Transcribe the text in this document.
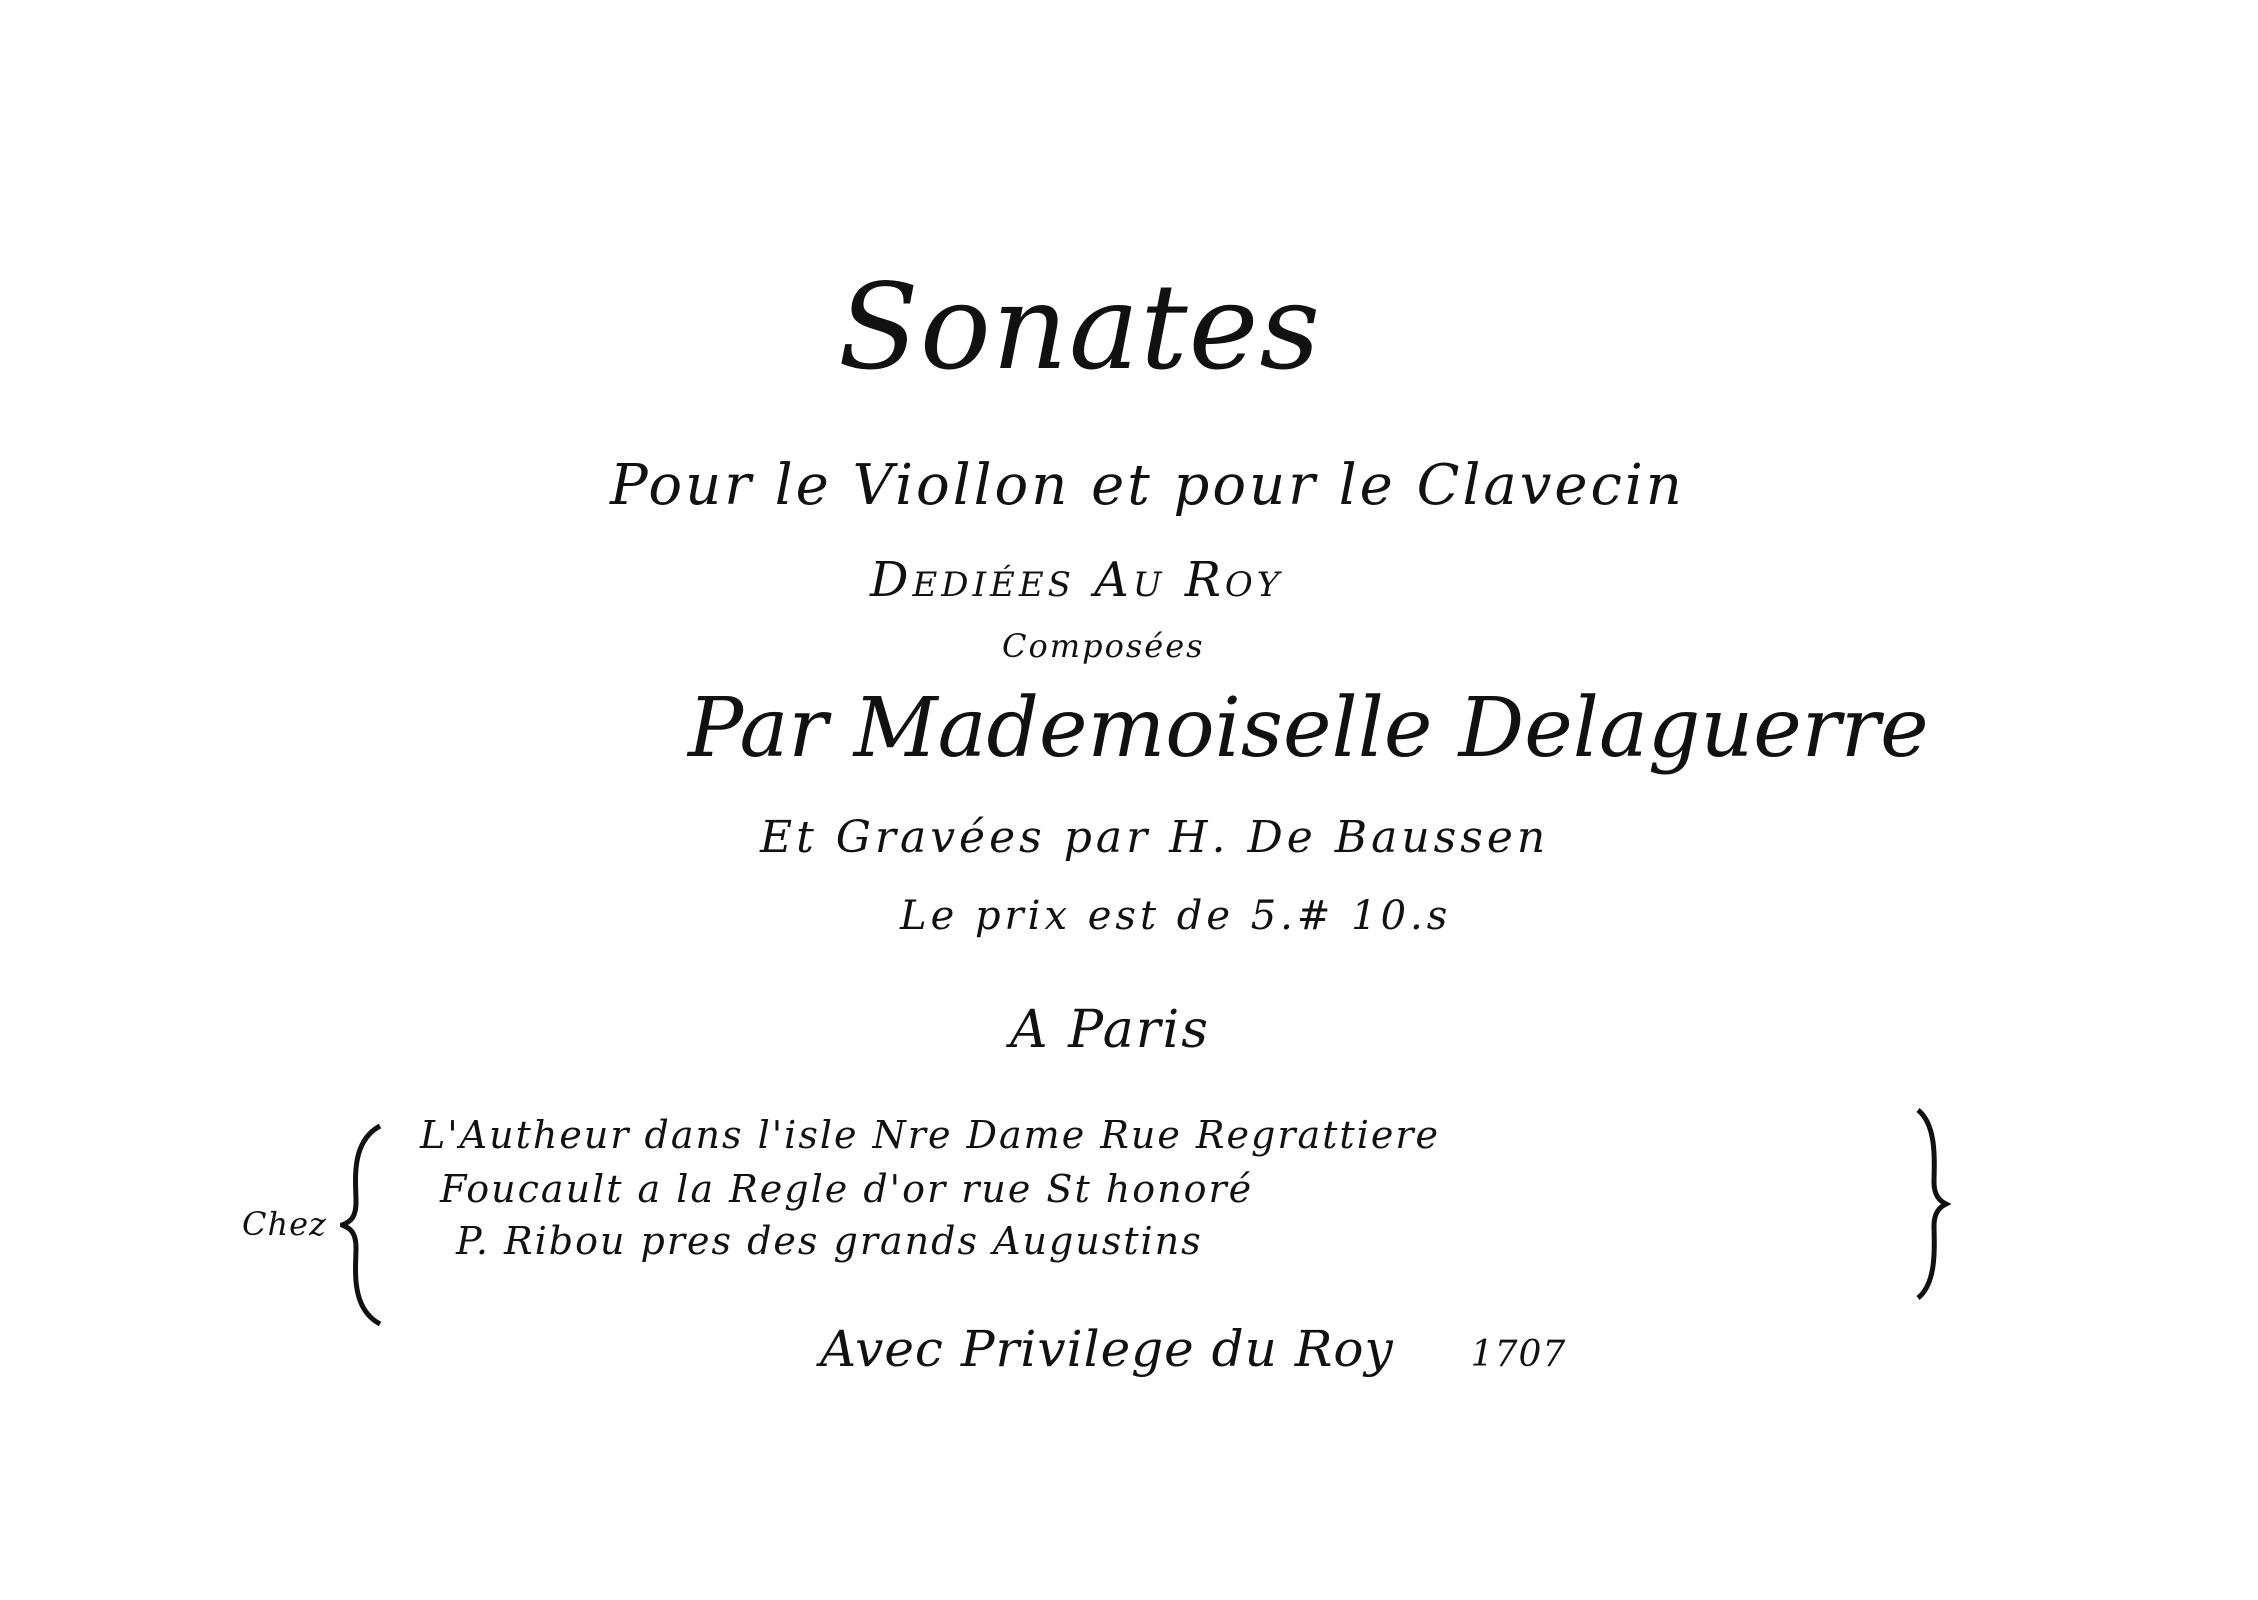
Sonates
Pour le Viollon et pour le Clavecin
Dediées Au Roy
Composées
Par Mademoiselle Delaguerre
Et Gravées par H. De Baussen
Le prix est de 5.# 10.s
A Paris
Chez
L'Autheur dans l'isle Nre Dame Rue Regrattiere
Foucault a la Regle d'or rue St honoré
P. Ribou pres des grands Augustins
Avec Privilege du Roy 1707
